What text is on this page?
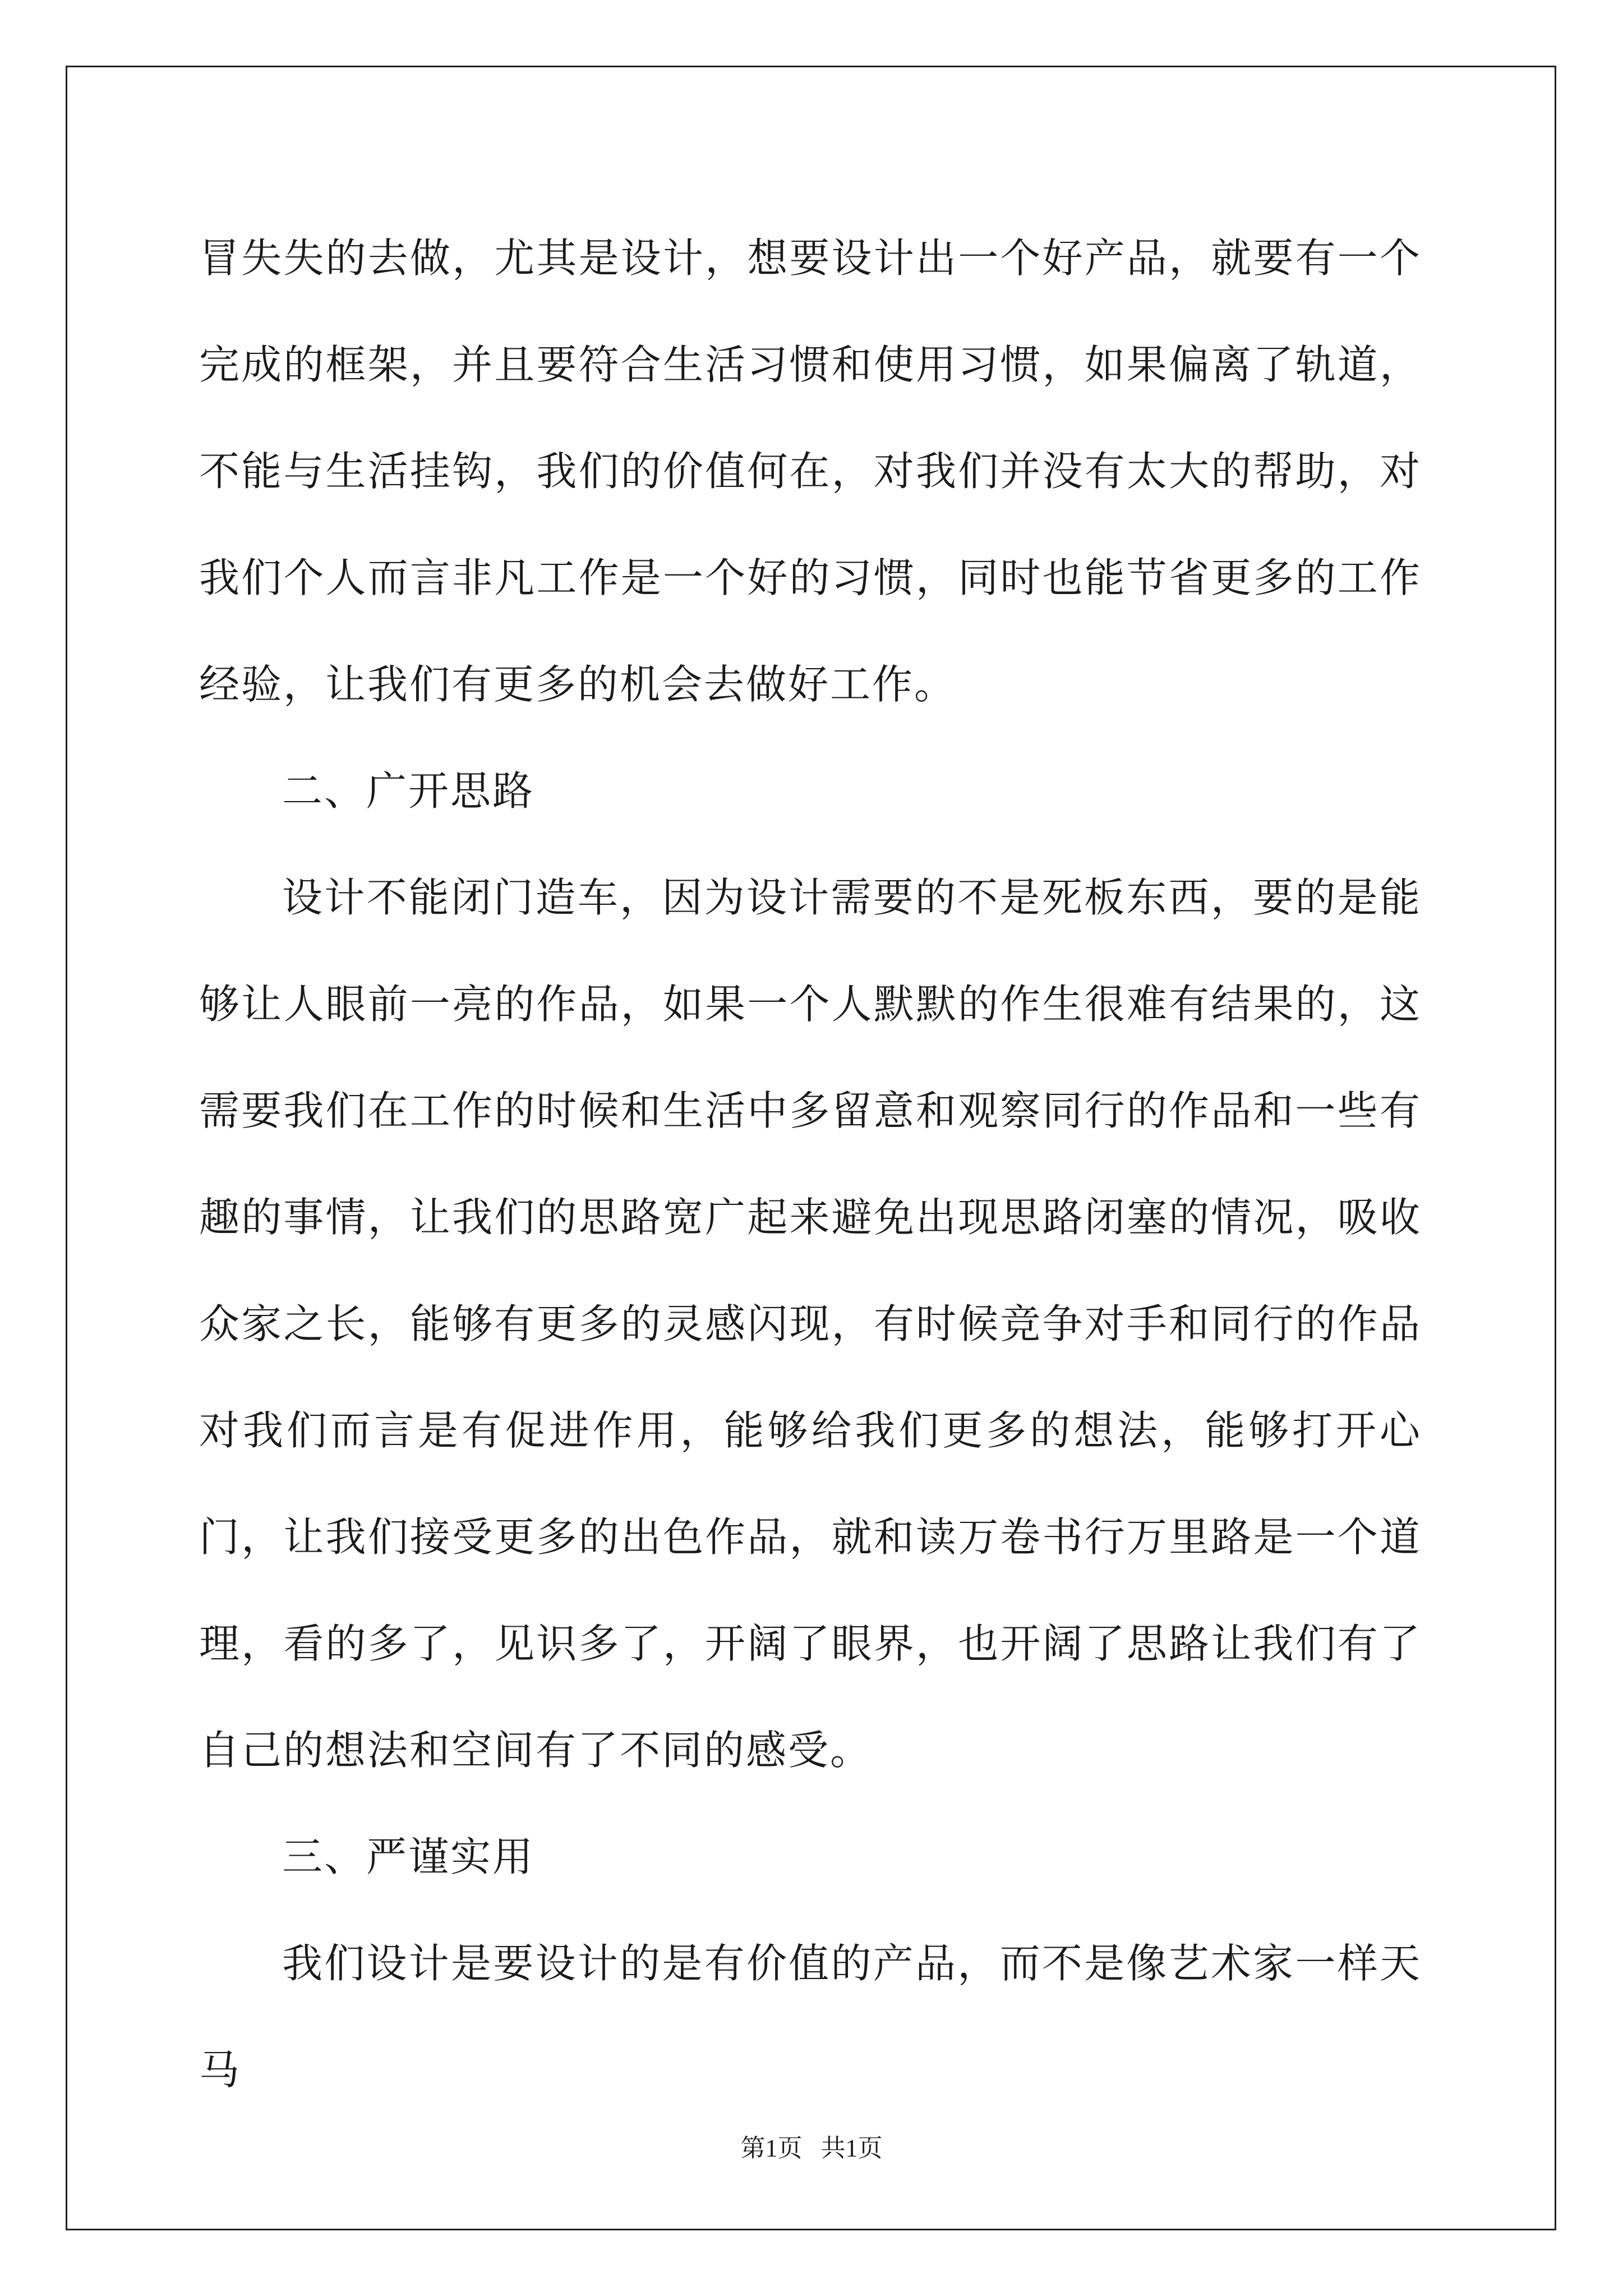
冒失失的去做，尤其是设计，想要设计出一个好产品，就要有一个完成的框架，并且要符合生活习惯和使用习惯，如果偏离了轨道，不能与生活挂钩，我们的价值何在，对我们并没有太大的帮助，对我们个人而言非凡工作是一个好的习惯，同时也能节省更多的工作经验，让我们有更多的机会去做好工作。

二、广开思路

设计不能闭门造车，因为设计需要的不是死板东西，要的是能够让人眼前一亮的作品，如果一个人默默的作生很难有结果的，这需要我们在工作的时候和生活中多留意和观察同行的作品和一些有趣的事情，让我们的思路宽广起来避免出现思路闭塞的情况，吸收众家之长，能够有更多的灵感闪现，有时候竞争对手和同行的作品对我们而言是有促进作用，能够给我们更多的想法，能够打开心门，让我们接受更多的出色作品，就和读万卷书行万里路是一个道理，看的多了，见识多了，开阔了眼界，也开阔了思路让我们有了自己的想法和空间有了不同的感受。

三、严谨实用

我们设计是要设计的是有价值的产品，而不是像艺术家一样天马

第1页 共1页
